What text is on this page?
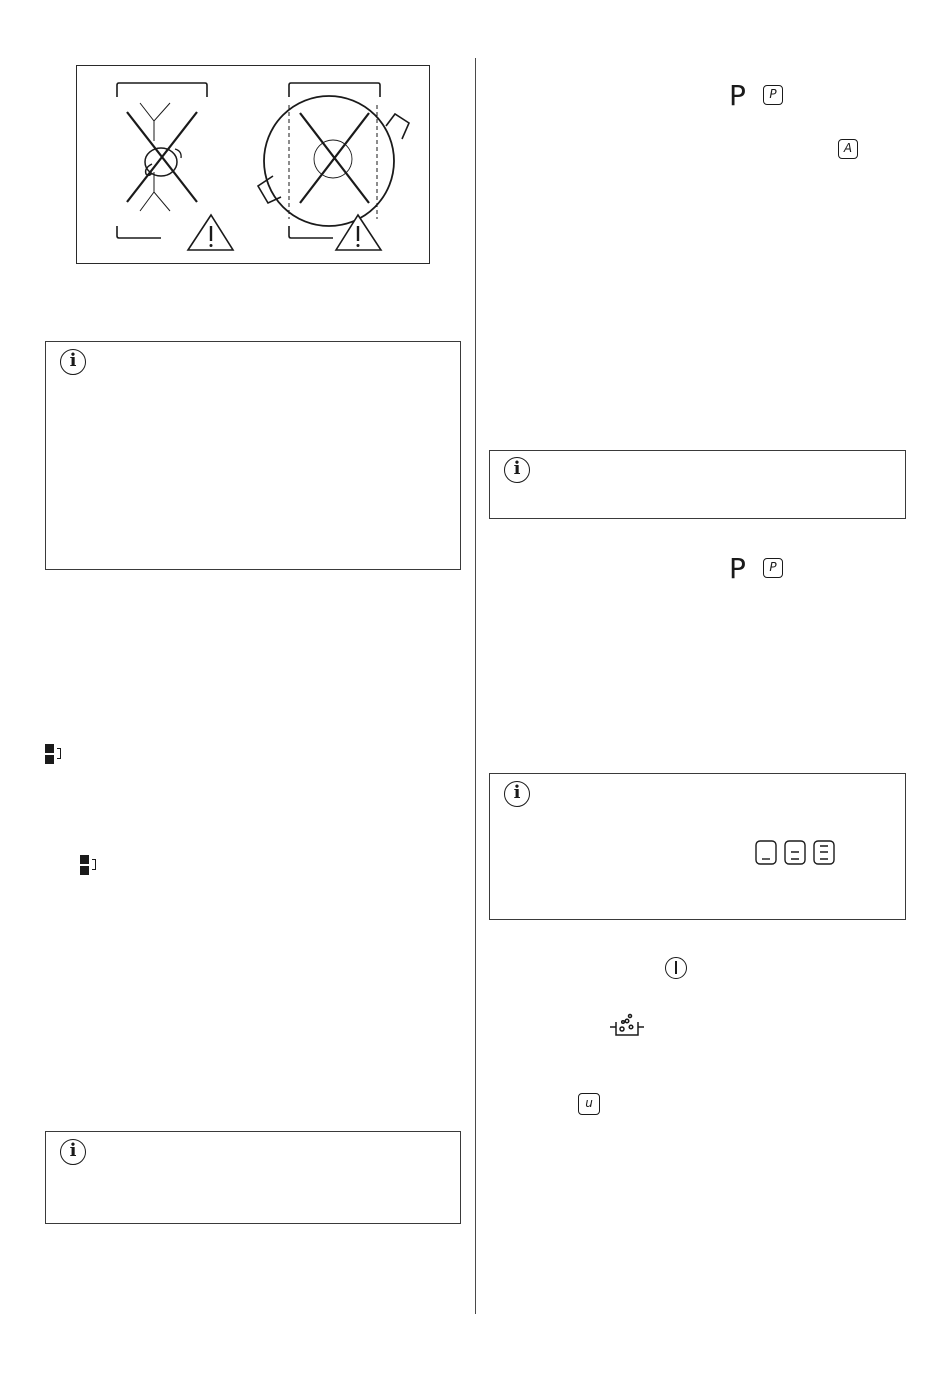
i
i
P	P
A
i
P	P
i
u
